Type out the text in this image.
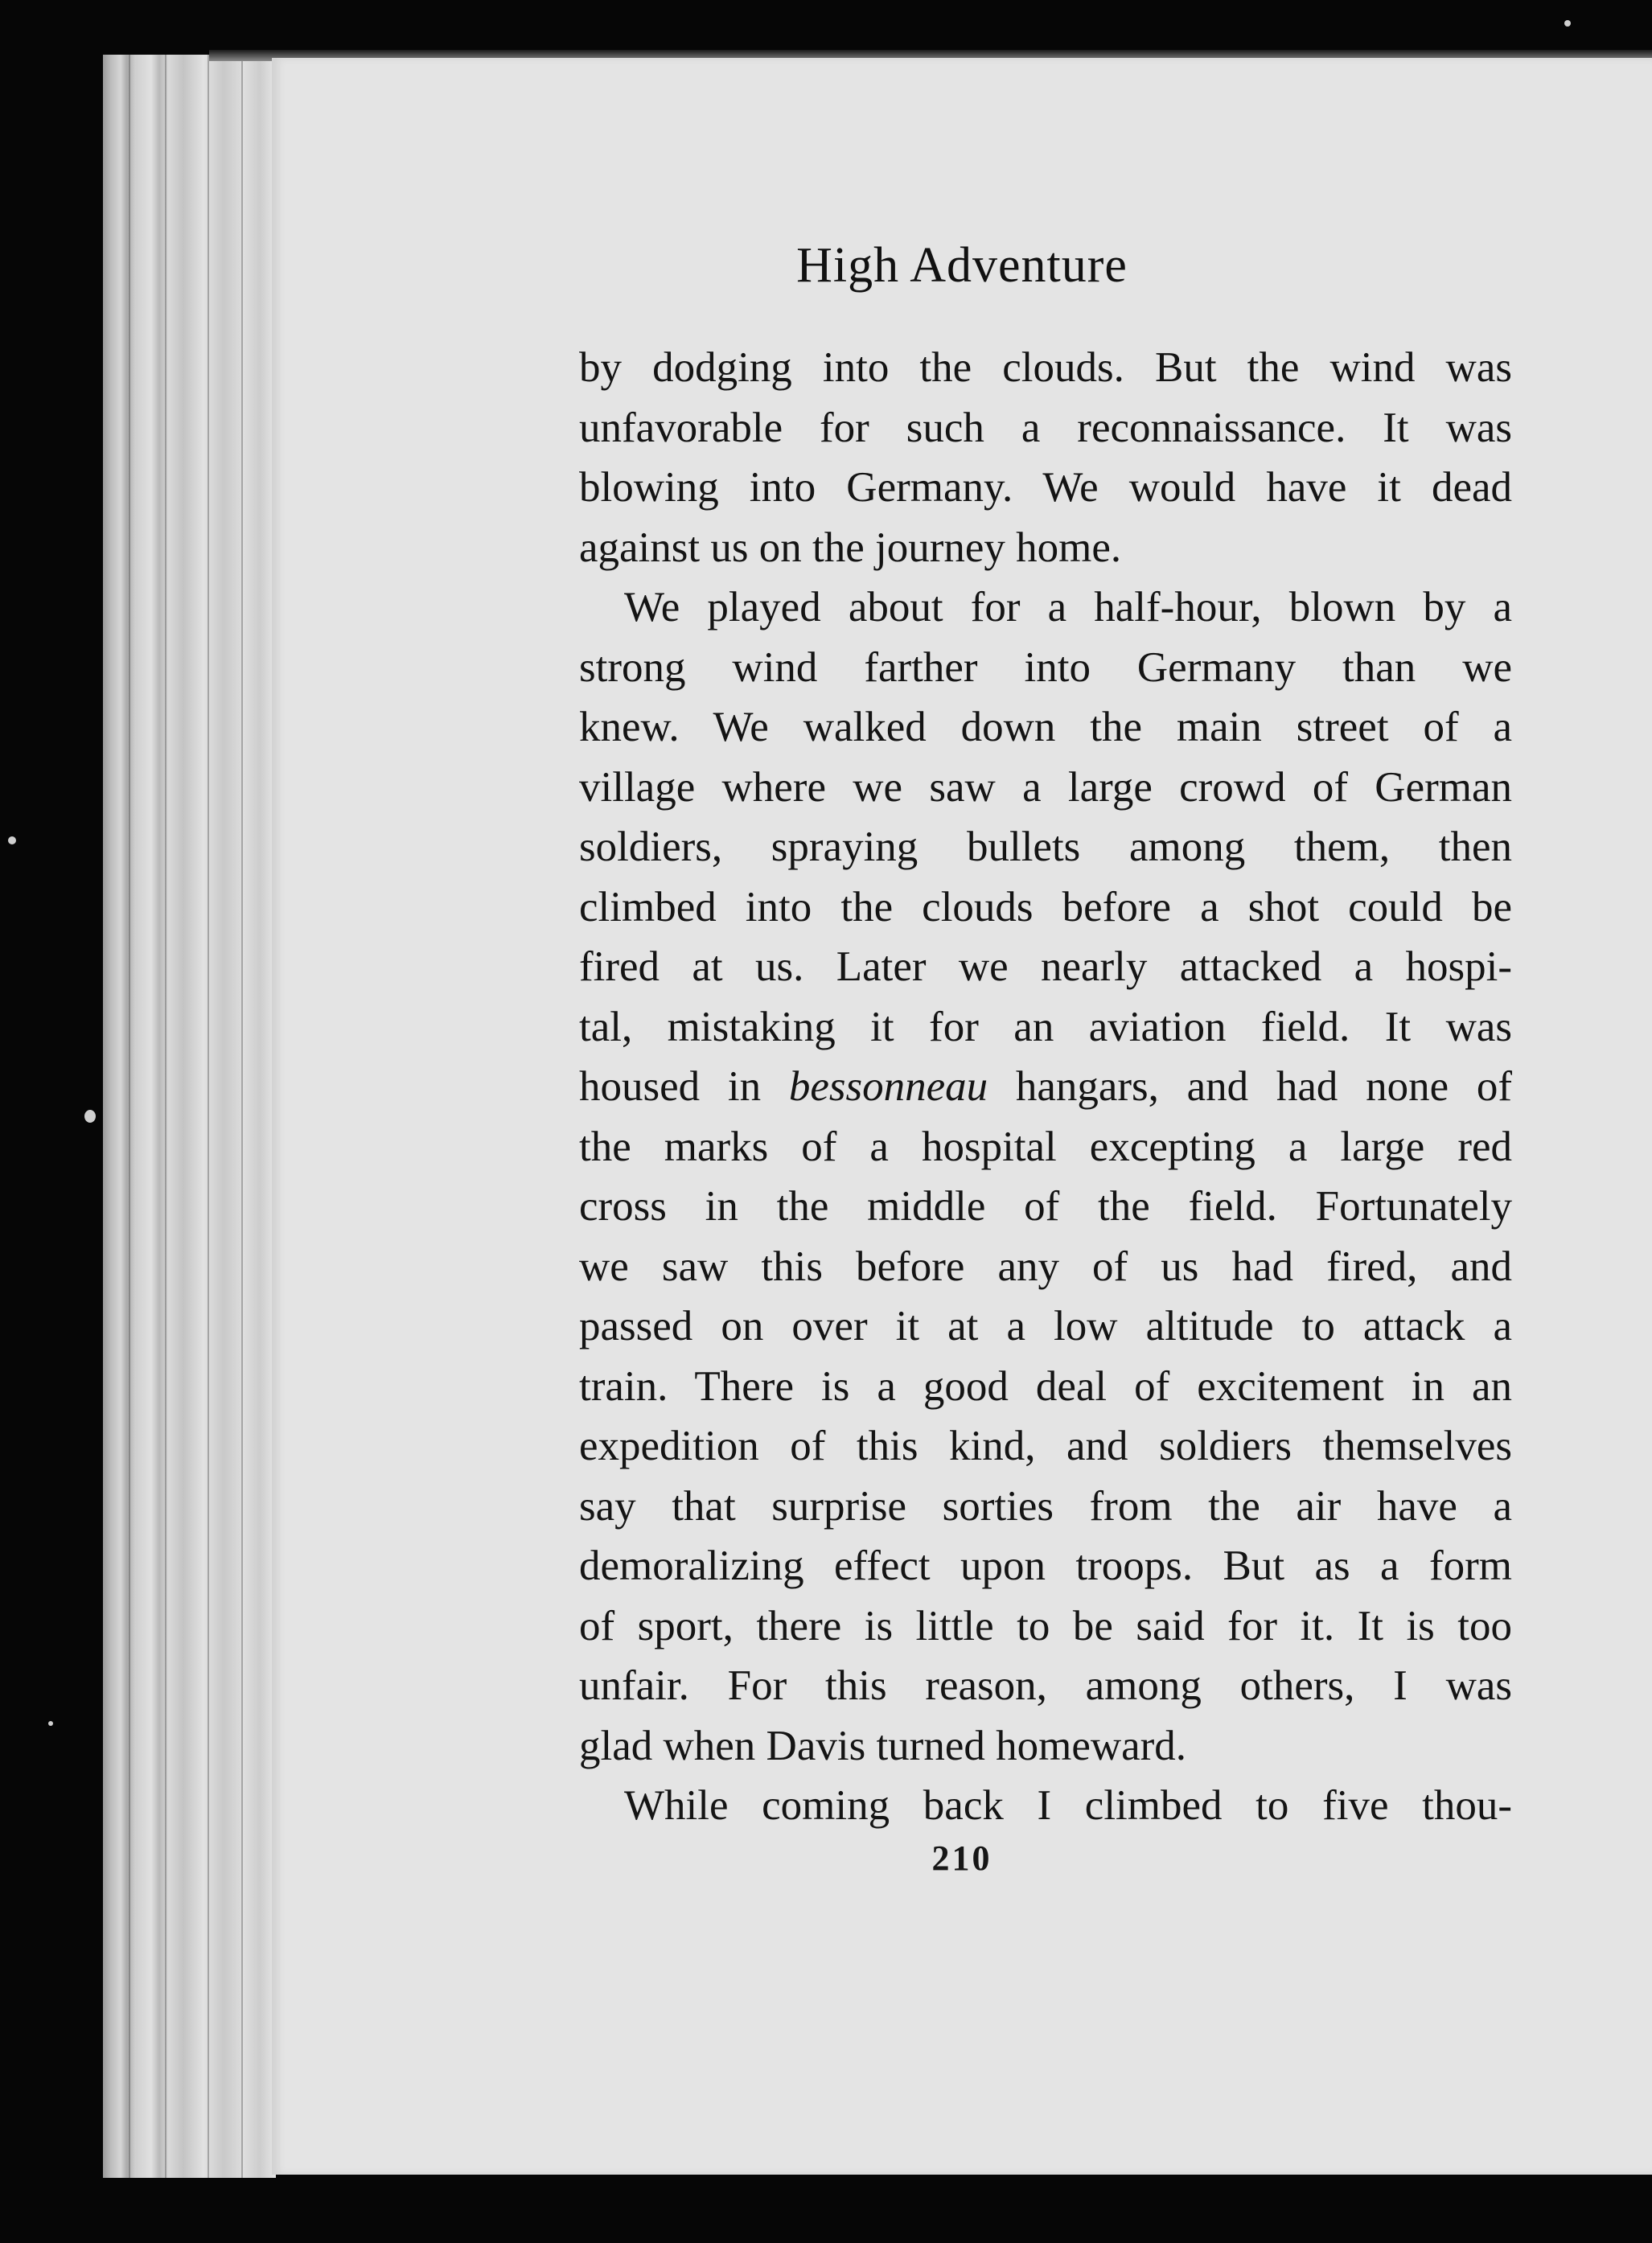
High Adventure

by dodging into the clouds. But the wind was

unfavorable for such a reconnaissance. It was

blowing into Germany. We would have it dead

against us on the journey home.

We played about for a half-hour, blown by a

strong wind farther into Germany than we

knew. We walked down the main street of a

village where we saw a large crowd of German

soldiers, spraying bullets among them, then

climbed into the clouds before a shot could be

fired at us. Later we nearly attacked a hospi-

tal, mistaking it for an aviation field. It was

housed in bessonneau hangars, and had none of

the marks of a hospital excepting a large red

cross in the middle of the field. Fortunately

we saw this before any of us had fired, and

passed on over it at a low altitude to attack a

train. There is a good deal of excitement in an

expedition of this kind, and soldiers themselves

say that surprise sorties from the air have a

demoralizing effect upon troops. But as a form

of sport, there is little to be said for it. It is too

unfair. For this reason, among others, I was

glad when Davis turned homeward.

While coming back I climbed to five thou-

210
